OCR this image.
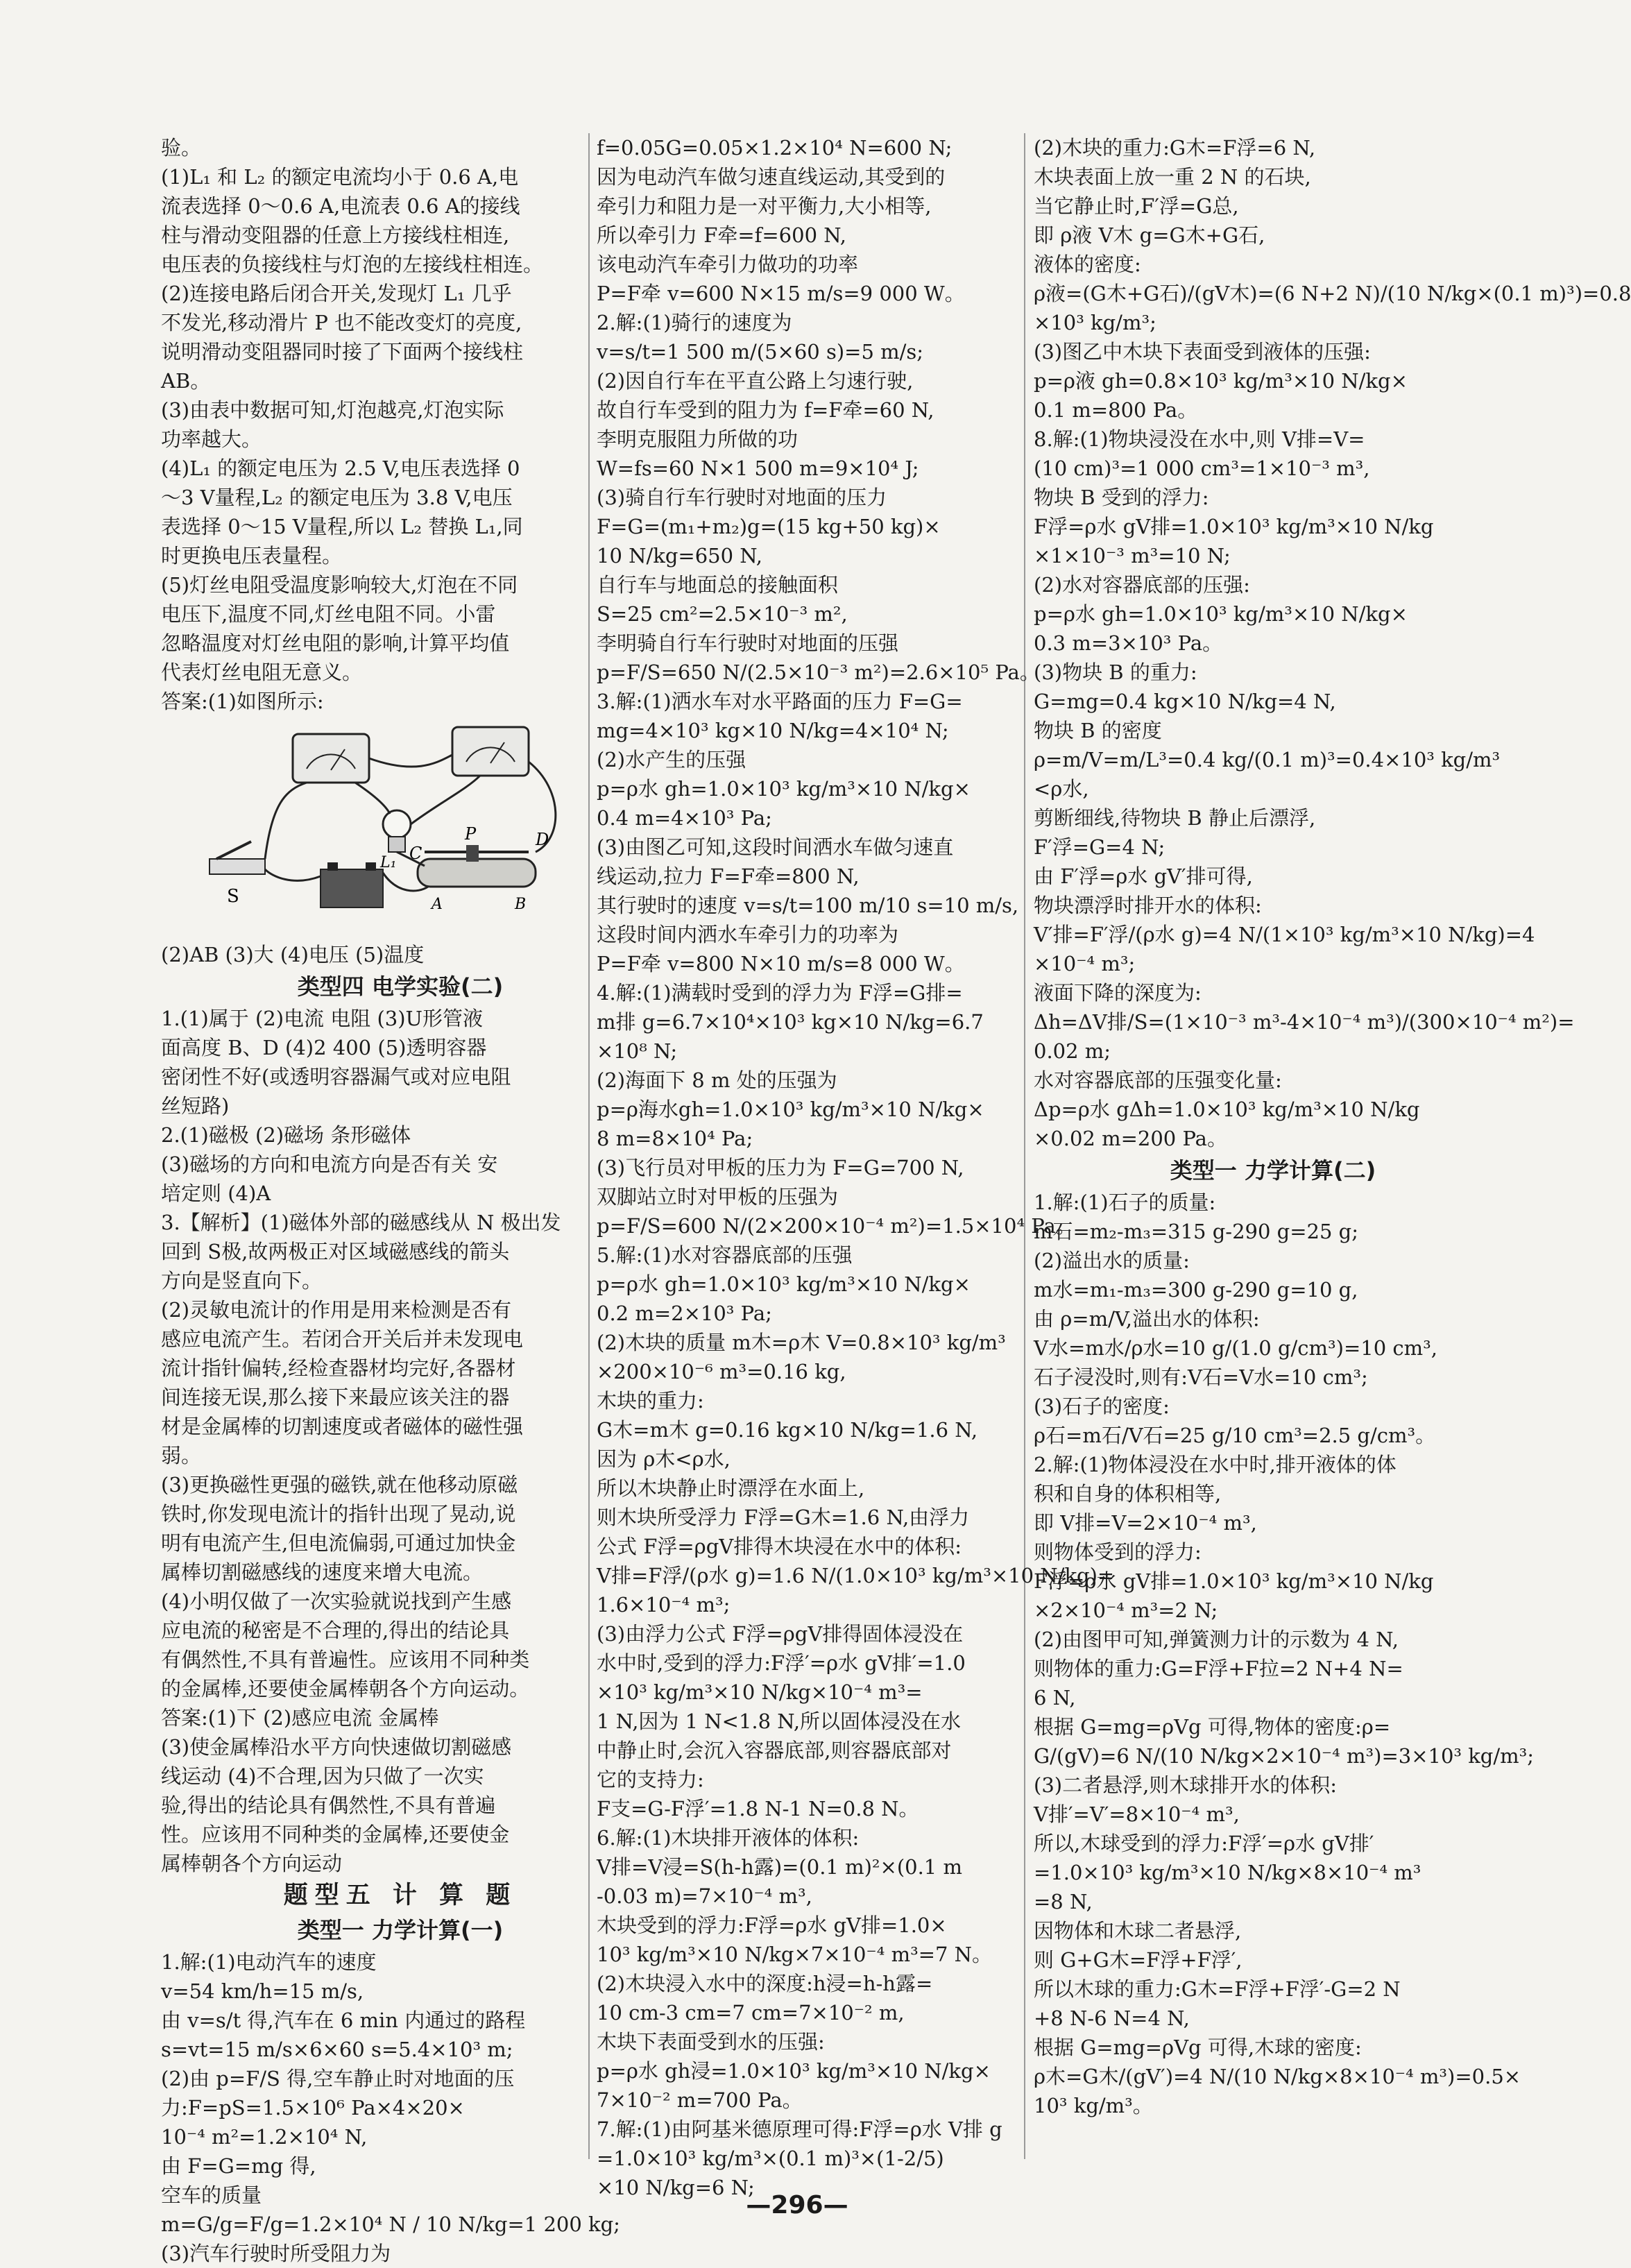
验。
(1)L₁ 和 L₂ 的额定电流均小于 0.6 A,电
流表选择 0～0.6 A,电流表 0.6 A的接线
柱与滑动变阻器的任意上方接线柱相连,
电压表的负接线柱与灯泡的左接线柱相连。
(2)连接电路后闭合开关,发现灯 L₁ 几乎
不发光,移动滑片 P 也不能改变灯的亮度,
说明滑动变阻器同时接了下面两个接线柱
AB。
(3)由表中数据可知,灯泡越亮,灯泡实际
功率越大。
(4)L₁ 的额定电压为 2.5 V,电压表选择 0
～3 V量程,L₂ 的额定电压为 3.8 V,电压
表选择 0～15 V量程,所以 L₂ 替换 L₁,同
时更换电压表量程。
(5)灯丝电阻受温度影响较大,灯泡在不同
电压下,温度不同,灯丝电阻不同。小雷
忽略温度对灯丝电阻的影响,计算平均值
代表灯丝电阻无意义。
答案:(1)如图所示:
S
L₁ C
P	D
A	B
(2)AB (3)大 (4)电压 (5)温度
类型四 电学实验(二)
1.(1)属于 (2)电流 电阻 (3)U形管液
面高度 B、D (4)2 400 (5)透明容器
密闭性不好(或透明容器漏气或对应电阻
丝短路)
2.(1)磁极 (2)磁场 条形磁体
(3)磁场的方向和电流方向是否有关 安
培定则 (4)A
3.【解析】(1)磁体外部的磁感线从 N 极出发
回到 S极,故两极正对区域磁感线的箭头
方向是竖直向下。
(2)灵敏电流计的作用是用来检测是否有
感应电流产生。若闭合开关后并未发现电
流计指针偏转,经检查器材均完好,各器材
间连接无误,那么接下来最应该关注的器
材是金属棒的切割速度或者磁体的磁性强
弱。
(3)更换磁性更强的磁铁,就在他移动原磁
铁时,你发现电流计的指针出现了晃动,说
明有电流产生,但电流偏弱,可通过加快金
属棒切割磁感线的速度来增大电流。
(4)小明仅做了一次实验就说找到产生感
应电流的秘密是不合理的,得出的结论具
有偶然性,不具有普遍性。应该用不同种类
的金属棒,还要使金属棒朝各个方向运动。
答案:(1)下 (2)感应电流 金属棒
(3)使金属棒沿水平方向快速做切割磁感
线运动 (4)不合理,因为只做了一次实
验,得出的结论具有偶然性,不具有普遍
性。应该用不同种类的金属棒,还要使金
属棒朝各个方向运动
题型五 计 算 题
类型一 力学计算(一)
1.解:(1)电动汽车的速度
v=54 km/h=15 m/s,
由 v=s/t 得,汽车在 6 min 内通过的路程
s=vt=15 m/s×6×60 s=5.4×10³ m;
(2)由 p=F/S 得,空车静止时对地面的压
力:F=pS=1.5×10⁶ Pa×4×20×
10⁻⁴ m²=1.2×10⁴ N,
由 F=G=mg 得,
空车的质量
m=G/g=F/g=1.2×10⁴ N / 10 N/kg=1 200 kg;
(3)汽车行驶时所受阻力为
f=0.05G=0.05×1.2×10⁴ N=600 N;
因为电动汽车做匀速直线运动,其受到的
牵引力和阻力是一对平衡力,大小相等,
所以牵引力 F牵=f=600 N,
该电动汽车牵引力做功的功率
P=F牵 v=600 N×15 m/s=9 000 W。
2.解:(1)骑行的速度为
v=s/t=1 500 m/(5×60 s)=5 m/s;
(2)因自行车在平直公路上匀速行驶,
故自行车受到的阻力为 f=F牵=60 N,
李明克服阻力所做的功
W=fs=60 N×1 500 m=9×10⁴ J;
(3)骑自行车行驶时对地面的压力
F=G=(m₁+m₂)g=(15 kg+50 kg)×
10 N/kg=650 N,
自行车与地面总的接触面积
S=25 cm²=2.5×10⁻³ m²,
李明骑自行车行驶时对地面的压强
p=F/S=650 N/(2.5×10⁻³ m²)=2.6×10⁵ Pa。
3.解:(1)洒水车对水平路面的压力 F=G=
mg=4×10³ kg×10 N/kg=4×10⁴ N;
(2)水产生的压强
p=ρ水 gh=1.0×10³ kg/m³×10 N/kg×
0.4 m=4×10³ Pa;
(3)由图乙可知,这段时间洒水车做匀速直
线运动,拉力 F=F牵=800 N,
其行驶时的速度 v=s/t=100 m/10 s=10 m/s,
这段时间内洒水车牵引力的功率为
P=F牵 v=800 N×10 m/s=8 000 W。
4.解:(1)满载时受到的浮力为 F浮=G排=
m排 g=6.7×10⁴×10³ kg×10 N/kg=6.7
×10⁸ N;
(2)海面下 8 m 处的压强为
p=ρ海水gh=1.0×10³ kg/m³×10 N/kg×
8 m=8×10⁴ Pa;
(3)飞行员对甲板的压力为 F=G=700 N,
双脚站立时对甲板的压强为
p=F/S=600 N/(2×200×10⁻⁴ m²)=1.5×10⁴ Pa。
5.解:(1)水对容器底部的压强
p=ρ水 gh=1.0×10³ kg/m³×10 N/kg×
0.2 m=2×10³ Pa;
(2)木块的质量 m木=ρ木 V=0.8×10³ kg/m³
×200×10⁻⁶ m³=0.16 kg,
木块的重力:
G木=m木 g=0.16 kg×10 N/kg=1.6 N,
因为 ρ木<ρ水,
所以木块静止时漂浮在水面上,
则木块所受浮力 F浮=G木=1.6 N,由浮力
公式 F浮=ρgV排得木块浸在水中的体积:
V排=F浮/(ρ水 g)=1.6 N/(1.0×10³ kg/m³×10 N/kg)=
1.6×10⁻⁴ m³;
(3)由浮力公式 F浮=ρgV排得固体浸没在
水中时,受到的浮力:F浮′=ρ水 gV排′=1.0
×10³ kg/m³×10 N/kg×10⁻⁴ m³=
1 N,因为 1 N<1.8 N,所以固体浸没在水
中静止时,会沉入容器底部,则容器底部对
它的支持力:
F支=G-F浮′=1.8 N-1 N=0.8 N。
6.解:(1)木块排开液体的体积:
V排=V浸=S(h-h露)=(0.1 m)²×(0.1 m
-0.03 m)=7×10⁻⁴ m³,
木块受到的浮力:F浮=ρ水 gV排=1.0×
10³ kg/m³×10 N/kg×7×10⁻⁴ m³=7 N。
(2)木块浸入水中的深度:h浸=h-h露=
10 cm-3 cm=7 cm=7×10⁻² m,
木块下表面受到水的压强:
p=ρ水 gh浸=1.0×10³ kg/m³×10 N/kg×
7×10⁻² m=700 Pa。
7.解:(1)由阿基米德原理可得:F浮=ρ水 V排 g
=1.0×10³ kg/m³×(0.1 m)³×(1-2/5)
×10 N/kg=6 N;
(2)木块的重力:G木=F浮=6 N,
木块表面上放一重 2 N 的石块,
当它静止时,F′浮=G总,
即 ρ液 V木 g=G木+G石,
液体的密度:
ρ液=(G木+G石)/(gV木)=(6 N+2 N)/(10 N/kg×(0.1 m)³)=0.8
×10³ kg/m³;
(3)图乙中木块下表面受到液体的压强:
p=ρ液 gh=0.8×10³ kg/m³×10 N/kg×
0.1 m=800 Pa。
8.解:(1)物块浸没在水中,则 V排=V=
(10 cm)³=1 000 cm³=1×10⁻³ m³,
物块 B 受到的浮力:
F浮=ρ水 gV排=1.0×10³ kg/m³×10 N/kg
×1×10⁻³ m³=10 N;
(2)水对容器底部的压强:
p=ρ水 gh=1.0×10³ kg/m³×10 N/kg×
0.3 m=3×10³ Pa。
(3)物块 B 的重力:
G=mg=0.4 kg×10 N/kg=4 N,
物块 B 的密度
ρ=m/V=m/L³=0.4 kg/(0.1 m)³=0.4×10³ kg/m³
<ρ水,
剪断细线,待物块 B 静止后漂浮,
F′浮=G=4 N;
由 F′浮=ρ水 gV′排可得,
物块漂浮时排开水的体积:
V′排=F′浮/(ρ水 g)=4 N/(1×10³ kg/m³×10 N/kg)=4
×10⁻⁴ m³;
液面下降的深度为:
Δh=ΔV排/S=(1×10⁻³ m³-4×10⁻⁴ m³)/(300×10⁻⁴ m²)=
0.02 m;
水对容器底部的压强变化量:
Δp=ρ水 gΔh=1.0×10³ kg/m³×10 N/kg
×0.02 m=200 Pa。
类型一 力学计算(二)
1.解:(1)石子的质量:
m石=m₂-m₃=315 g-290 g=25 g;
(2)溢出水的质量:
m水=m₁-m₃=300 g-290 g=10 g,
由 ρ=m/V,溢出水的体积:
V水=m水/ρ水=10 g/(1.0 g/cm³)=10 cm³,
石子浸没时,则有:V石=V水=10 cm³;
(3)石子的密度:
ρ石=m石/V石=25 g/10 cm³=2.5 g/cm³。
2.解:(1)物体浸没在水中时,排开液体的体
积和自身的体积相等,
即 V排=V=2×10⁻⁴ m³,
则物体受到的浮力:
F浮=ρ水 gV排=1.0×10³ kg/m³×10 N/kg
×2×10⁻⁴ m³=2 N;
(2)由图甲可知,弹簧测力计的示数为 4 N,
则物体的重力:G=F浮+F拉=2 N+4 N=
6 N,
根据 G=mg=ρVg 可得,物体的密度:ρ=
G/(gV)=6 N/(10 N/kg×2×10⁻⁴ m³)=3×10³ kg/m³;
(3)二者悬浮,则木球排开水的体积:
V排′=V′=8×10⁻⁴ m³,
所以,木球受到的浮力:F浮′=ρ水 gV排′
=1.0×10³ kg/m³×10 N/kg×8×10⁻⁴ m³
=8 N,
因物体和木球二者悬浮,
则 G+G木=F浮+F浮′,
所以木球的重力:G木=F浮+F浮′-G=2 N
+8 N-6 N=4 N,
根据 G=mg=ρVg 可得,木球的密度:
ρ木=G木/(gV′)=4 N/(10 N/kg×8×10⁻⁴ m³)=0.5×
10³ kg/m³。
—296—
